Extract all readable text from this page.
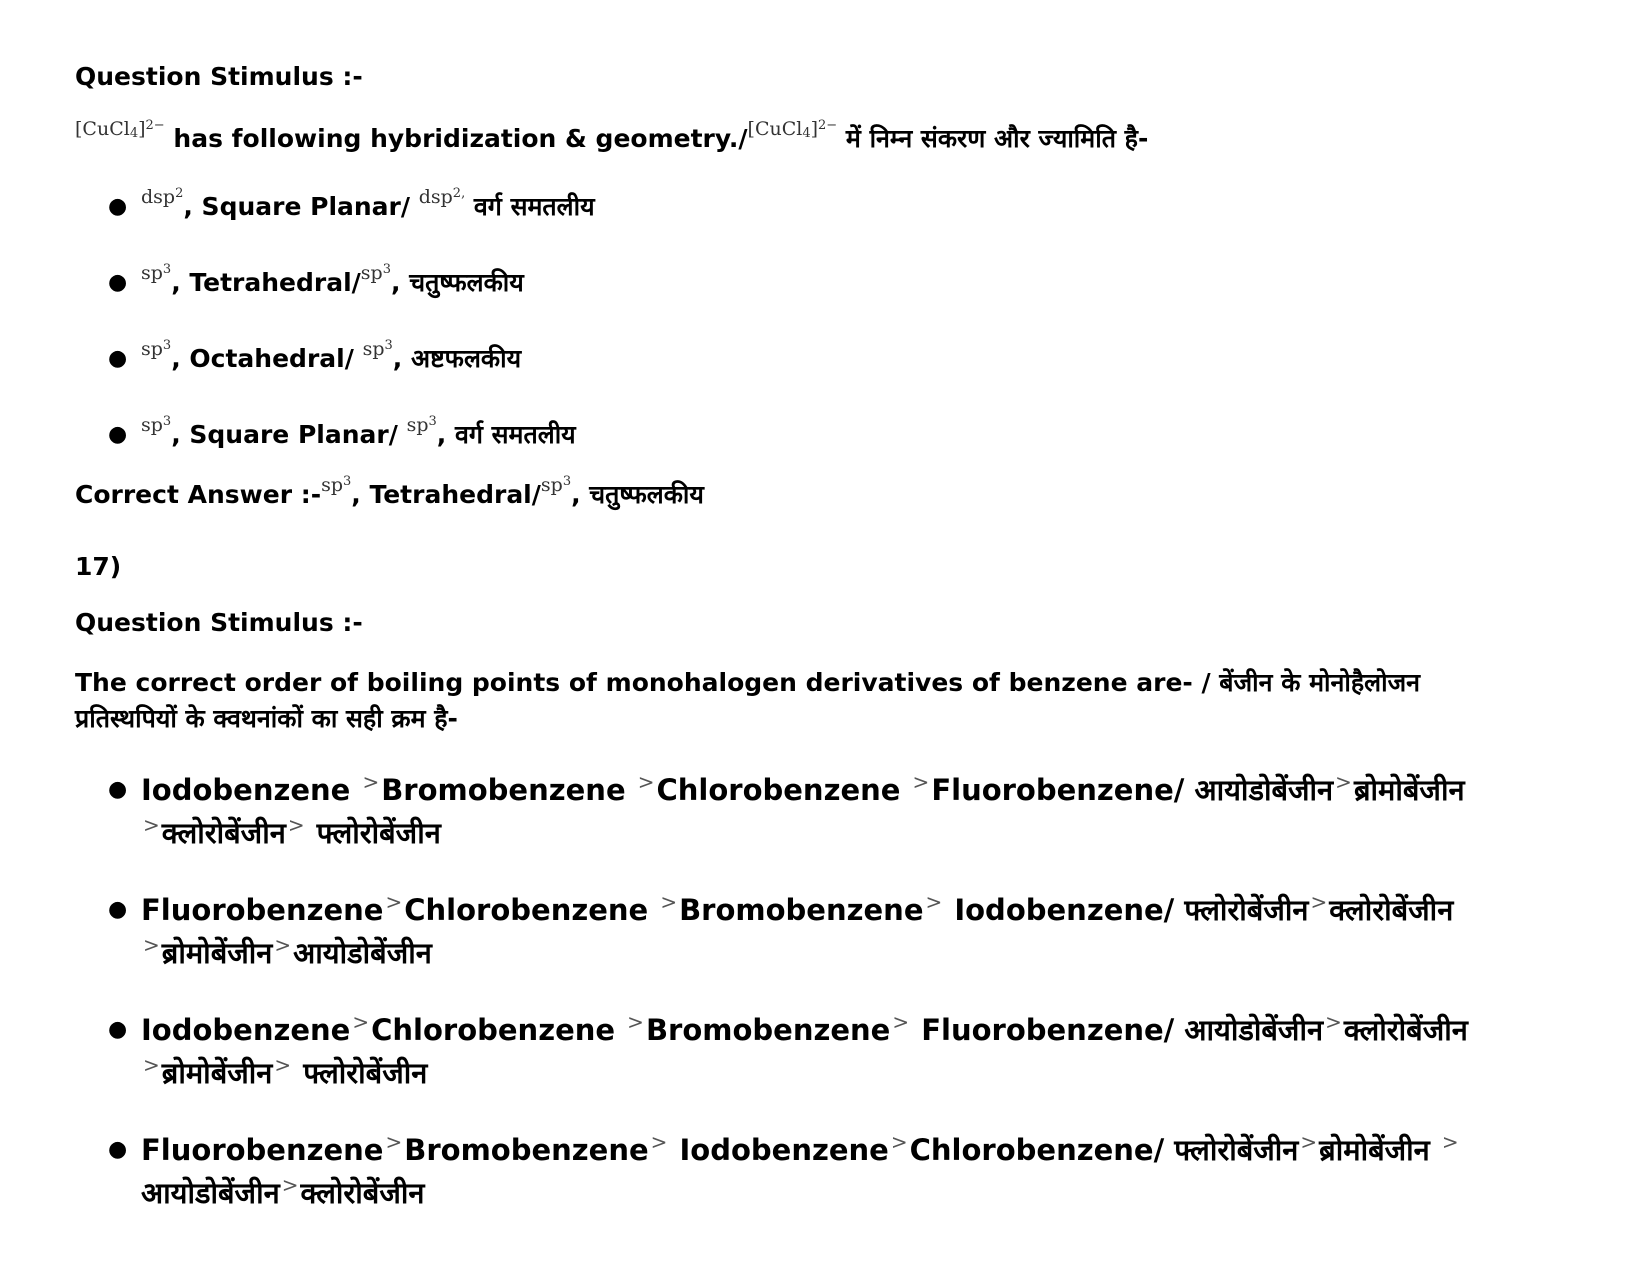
Question Stimulus :-
$^{[CuCl_4]^{2-}}$ has following hybridization & geometry./$^{[CuCl_4]^{2-}}$ में निम्न संकरण और ज्यामिति है-
● $^{dsp^2}$, Square Planar/ $^{dsp^{2,}}$ वर्ग समतलीय
● $^{sp^3}$, Tetrahedral/$^{sp^3}$, चतुष्फलकीय
● $^{sp^3}$, Octahedral/ $^{sp^3}$, अष्टफलकीय
● $^{sp^3}$, Square Planar/ $^{sp^3}$, वर्ग समतलीय
Correct Answer :-$^{sp^3}$, Tetrahedral/$^{sp^3}$, चतुष्फलकीय
17)
Question Stimulus :-
The correct order of boiling points of monohalogen derivatives of benzene are- / बेंजीन के मोनोहैलोजन
प्रतिस्थपियों के क्‍वथनांकों का सही क्रम है-
● Iodobenzene >Bromobenzene >Chlorobenzene >Fluorobenzene/ आयोडोबेंजीन >ब्रोमोबेंजीन >क्लोरोबेंजीन > फ्लोरोबेंजीन
● Fluorobenzene >Chlorobenzene >Bromobenzene > Iodobenzene/ फ्लोरोबेंजीन >क्लोरोबेंजीन >ब्रोमोबेंजीन >आयोडोबेंजीन
● Iodobenzene >Chlorobenzene >Bromobenzene > Fluorobenzene/ आयोडोबेंजीन >क्लोरोबेंजीन >ब्रोमोबेंजीन > फ्लोरोबेंजीन
● Fluorobenzene >Bromobenzene > Iodobenzene >Chlorobenzene/ फ्लोरोबेंजीन >ब्रोमोबेंजीन > आयोडोबेंजीन >क्लोरोबेंजीन
